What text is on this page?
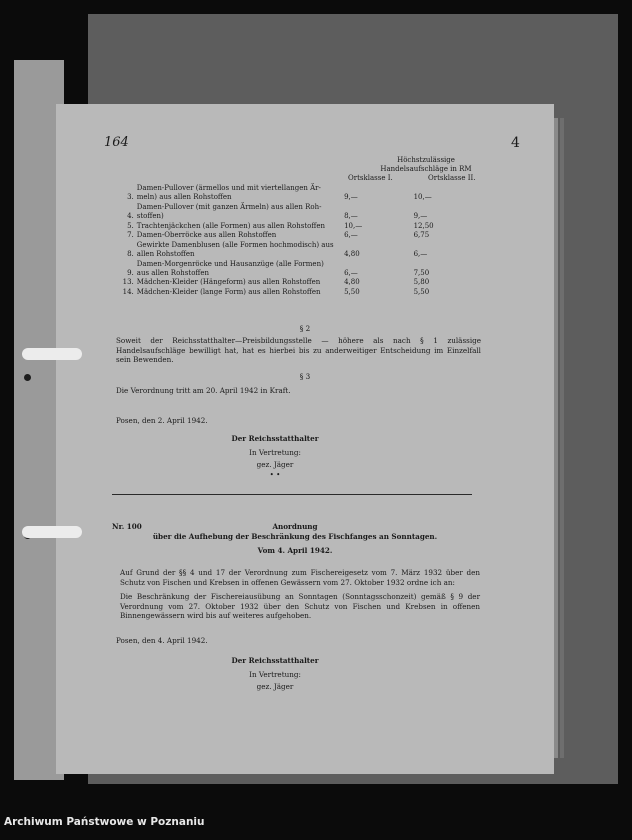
164	4
Höchstzulässige
Handelsaufschläge in RM
Ortsklasse I.	Ortsklasse II.
3.	Damen-Pullover (ärmellos und mit viertellangen Är-
meln) aus allen Rohstoffen	9,—	10,—
4.	Damen-Pullover (mit ganzen Ärmeln) aus allen Roh-
stoffen)	8,—	9,—
5.	Trachtenjäckchen (alle Formen) aus allen Rohstoffen	10,—	12,50
7.	Damen-Oberröcke aus allen Rohstoffen	6,—	6,75
8.	Gewirkte Damenblusen (alle Formen hochmodisch) aus
allen Rohstoffen	4,80	6,—
9.	Damen-Morgenröcke und Hausanzüge (alle Formen)
aus allen Rohstoffen	6,—	7,50
13.	Mädchen-Kleider (Hängeform) aus allen Rohstoffen	4,80	5,80
14.	Mädchen-Kleider (lange Form) aus allen Rohstoffen	5,50	5,50
§ 2
Soweit der Reichsstatthalter—Preisbildungsstelle — höhere als nach § 1 zulässige Handelsaufschläge bewilligt hat, hat es hierbei bis zu anderweitiger Entscheidung im Einzelfall sein Bewenden.
§ 3
Die Verordnung tritt am 20. April 1942 in Kraft.
Posen, den 2. April 1942.
Der Reichsstatthalter
In Vertretung:
gez. Jäger
• •
Nr. 100	Anordnung
über die Aufhebung der Beschränkung des Fischfanges an Sonntagen.
Vom 4. April 1942.
Auf Grund der §§ 4 und 17 der Verordnung zum Fischereigesetz vom 7. März 1932 über den Schutz von Fischen und Krebsen in offenen Gewässern vom 27. Oktober 1932 ordne ich an:
Die Beschränkung der Fischereiausübung an Sonntagen (Sonntagsschonzeit) gemäß § 9 der Verordnung vom 27. Oktober 1932 über den Schutz von Fischen und Krebsen in offenen Binnengewässern wird bis auf weiteres aufgehoben.
Posen, den 4. April 1942.
Der Reichsstatthalter
In Vertretung:
gez. Jäger
Archiwum Państwowe w Poznaniu
